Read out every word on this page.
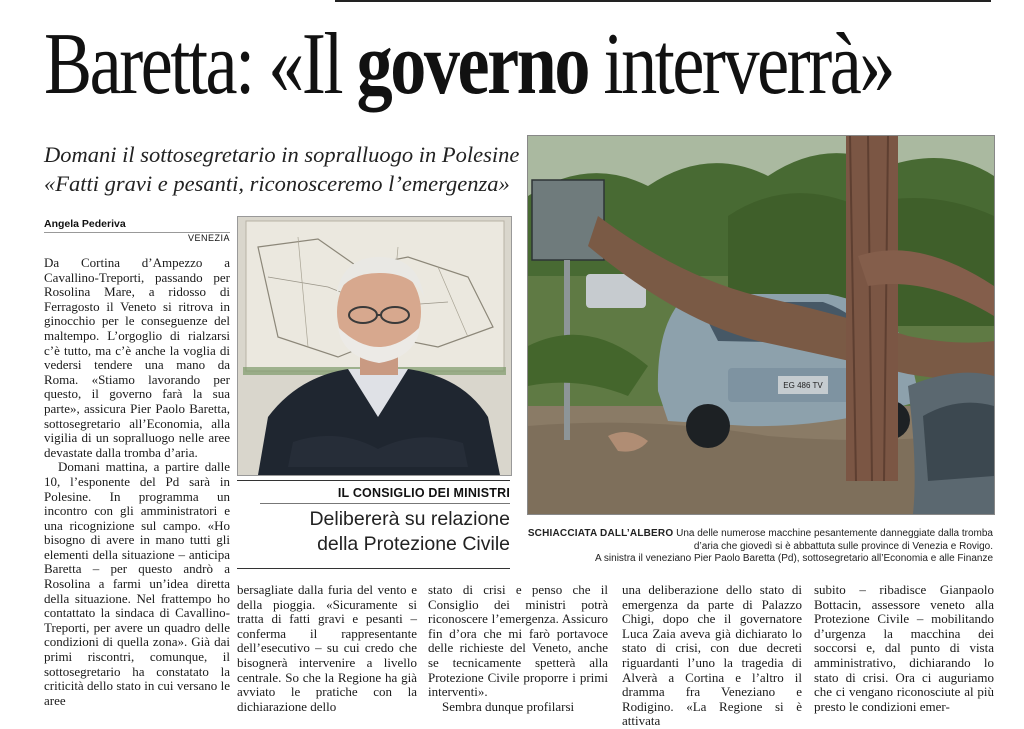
Baretta: «Il governo interverrà»
Domani il sottosegretario in sopralluogo in Polesine
«Fatti gravi e pesanti, riconosceremo l’emergenza»
Angela Pederiva
VENEZIA

Da Cortina d’Ampezzo a Cavallino-Treporti, passando per Rosolina Mare, a ridosso di Ferragosto il Veneto si ritrova in ginocchio per le conseguenze del maltempo. L’orgoglio di rialzarsi c’è tutto, ma c’è anche la voglia di vedersi tendere una mano da Roma. «Stiamo lavorando per questo, il governo farà la sua parte», assicura Pier Paolo Baretta, sottosegretario all’Economia, alla vigilia di un sopralluogo nelle aree devastate dalla tromba d’aria.

Domani mattina, a partire dalle 10, l’esponente del Pd sarà in Polesine. In programma un incontro con gli amministratori e una ricognizione sul campo. «Ho bisogno di avere in mano tutti gli elementi della situazione – anticipa Baretta – per questo andrò a Rosolina a farmi un’idea diretta della situazione. Nel frattempo ho contattato la sindaca di Cavallino-Treporti, per avere un quadro delle condizioni di quella zona». Già dai primi riscontri, comunque, il sottosegretario ha constatato la criticità dello stato in cui versano le aree

IL CONSIGLIO DEI MINISTRI
Delibererà su relazione
della Protezione Civile
EG 486 TV
SCHIACCIATA DALL’ALBERO Una delle numerose macchine pesantemente danneggiate dalla tromba d’aria che giovedì si è abbattuta sulle province di Venezia e Rovigo.
A sinistra il veneziano Pier Paolo Baretta (Pd), sottosegretario all’Economia e alle Finanze

bersagliate dalla furia del vento e della pioggia. «Sicuramente si tratta di fatti gravi e pesanti – conferma il rappresentante dell’esecutivo – su cui credo che bisognerà intervenire a livello centrale. So che la Regione ha già avviato le pratiche con la dichiarazione dello

stato di crisi e penso che il Consiglio dei ministri potrà riconoscere l’emergenza. Assicuro fin d’ora che mi farò portavoce delle richieste del Veneto, anche se tecnicamente spetterà alla Protezione Civile proporre i primi interventi».

Sembra dunque profilarsi

una deliberazione dello stato di emergenza da parte di Palazzo Chigi, dopo che il governatore Luca Zaia aveva già dichiarato lo stato di crisi, con due decreti riguardanti l’uno la tragedia di Alverà a Cortina e l’altro il dramma fra Veneziano e Rodigino. «La Regione si è attivata

subito – ribadisce Gianpaolo Bottacin, assessore veneto alla Protezione Civile – mobilitando d’urgenza la macchina dei soccorsi e, dal punto di vista amministrativo, dichiarando lo stato di crisi. Ora ci auguriamo che ci vengano riconosciute al più presto le condizioni emer-
